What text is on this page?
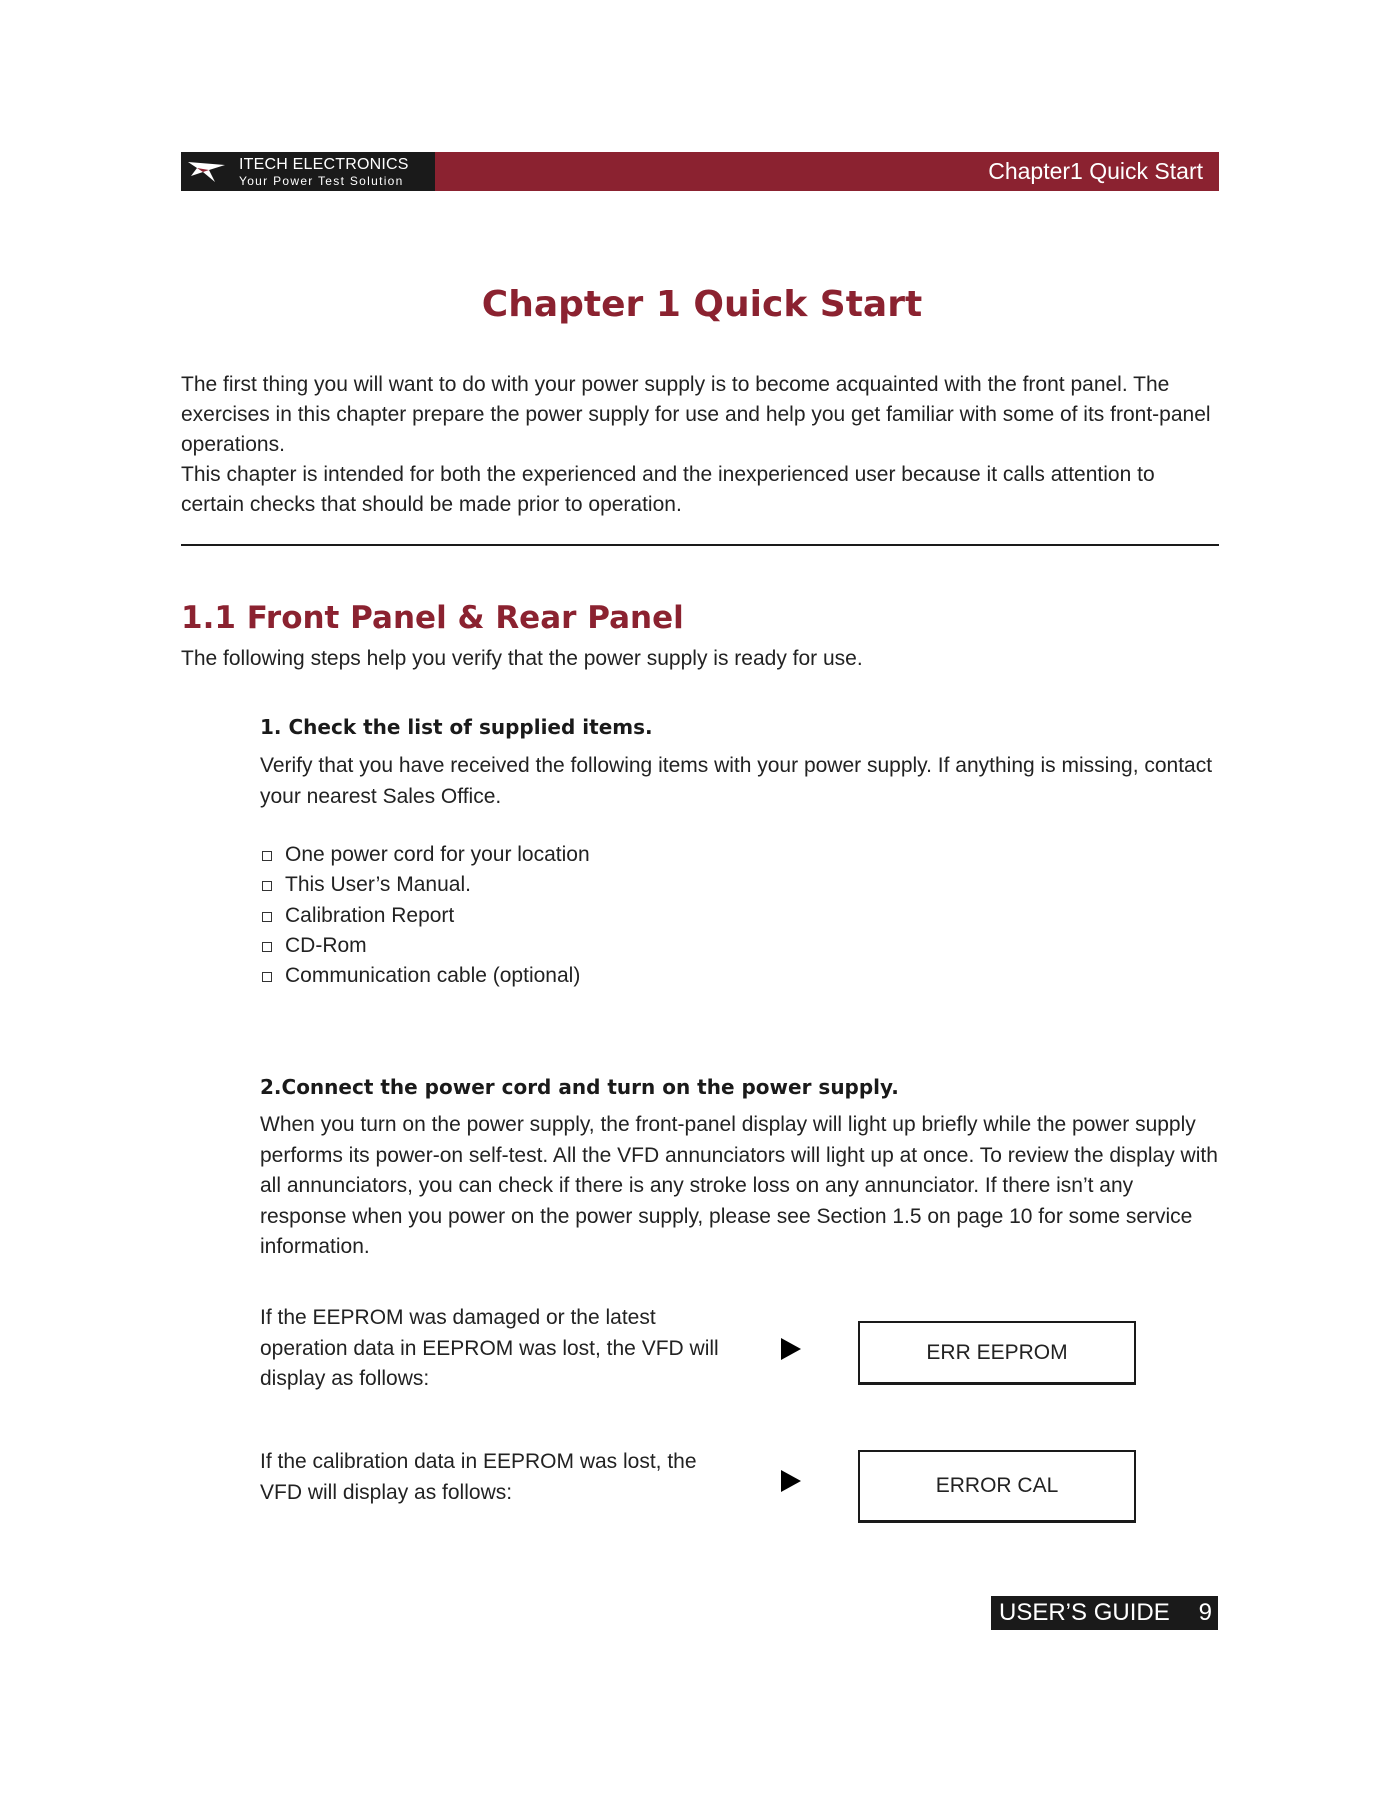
ITECH ELECTRONICS
Your Power Test Solution	Chapter1 Quick Start
Chapter 1 Quick Start

The first thing you will want to do with your power supply is to become acquainted with the front panel. The exercises in this chapter prepare the power supply for use and help you get familiar with some of its front-panel operations.

This chapter is intended for both the experienced and the inexperienced user because it calls attention to certain checks that should be made prior to operation.

1.1 Front Panel & Rear Panel
The following steps help you verify that the power supply is ready for use.
1. Check the list of supplied items.

Verify that you have received the following items with your power supply. If anything is missing, contact your nearest Sales Office.

One power cord for your location
This User’s Manual.
Calibration Report
CD-Rom
Communication cable (optional)
2.Connect the power cord and turn on the power supply.

When you turn on the power supply, the front-panel display will light up briefly while the power supply performs its power-on self-test. All the VFD annunciators will light up at once. To review the display with all annunciators, you can check if there is any stroke loss on any annunciator. If there isn’t any response when you power on the power supply, please see Section 1.5 on page 10 for some service information.

If the EEPROM was damaged or the latest operation data in EEPROM was lost, the VFD will display as follows:

ERR EEPROM

If the calibration data in EEPROM was lost, the VFD will display as follows:	ERROR CAL
USER’S GUIDE 9
